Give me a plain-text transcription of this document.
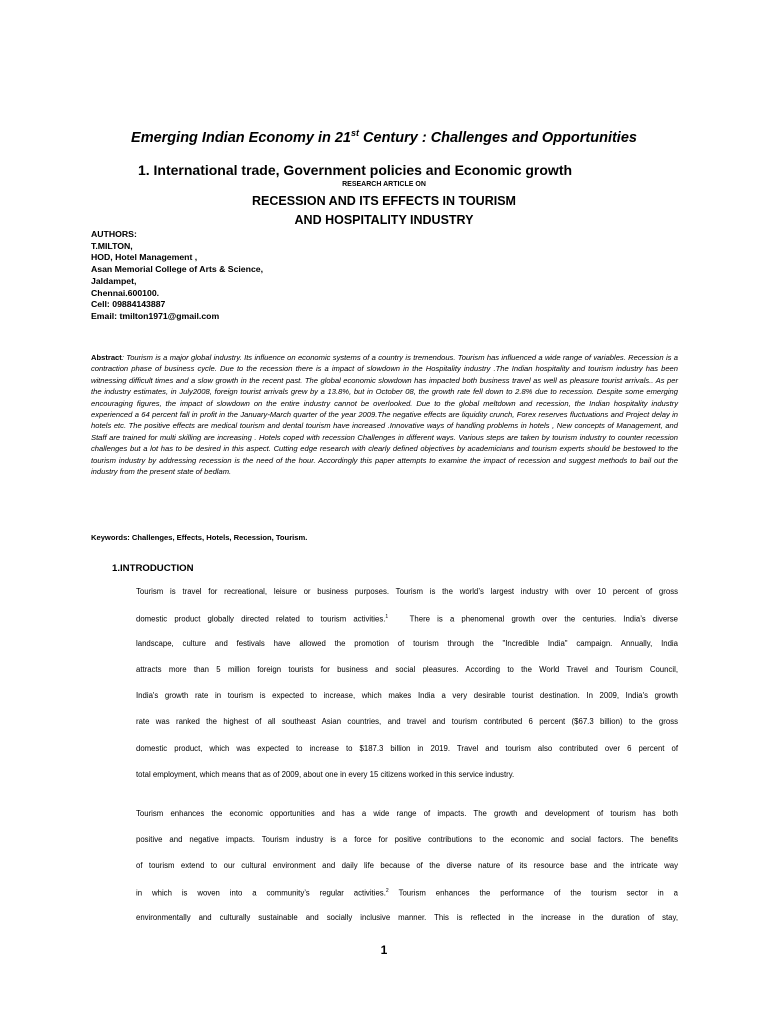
Emerging Indian Economy in 21st Century : Challenges and Opportunities
1. International trade, Government policies and Economic growth
RESEARCH ARTICLE ON
RECESSION AND ITS EFFECTS IN TOURISM
AND HOSPITALITY INDUSTRY
AUTHORS:
T.MILTON,
HOD, Hotel Management ,
Asan Memorial College of Arts & Science,
Jaldampet,
Chennai.600100.
Cell: 09884143887
Email: tmilton1971@gmail.com
Abstract: Tourism is a major global industry. Its influence on economic systems of a country is tremendous. Tourism has influenced a wide range of variables. Recession is a contraction phase of business cycle. Due to the recession there is a impact of slowdown in the Hospitality industry .The Indian hospitality and tourism industry has been witnessing difficult times and a slow growth in the recent past. The global economic slowdown has impacted both business travel as well as pleasure tourist arrivals.. As per the industry estimates, in July2008, foreign tourist arrivals grew by a 13.8%, but in October 08, the growth rate fell down to 2.8% due to recession. Despite some emerging encouraging figures, the impact of slowdown on the entire industry cannot be overlooked. Due to the global meltdown and recession, the Indian hospitality industry experienced a 64 percent fall in profit in the January-March quarter of the year 2009.The negative effects are liquidity crunch, Forex reserves fluctuations and Project delay in hotels etc. The positive effects are medical tourism and dental tourism have increased .Innovative ways of handling problems in hotels , New concepts of Management, and Staff are trained for multi skilling are increasing . Hotels coped with recession Challenges in different ways. Various steps are taken by tourism industry to counter recession challenges but a lot has to be desired in this aspect. Cutting edge research with clearly defined objectives by academicians and tourism experts should be bestowed to the tourism industry by addressing recession is the need of the hour. Accordingly this paper attempts to examine the impact of recession and suggest methods to bail out the industry from the present state of bedlam.
Keywords: Challenges, Effects, Hotels, Recession, Tourism.
1.INTRODUCTION
Tourism is travel for recreational, leisure or business purposes. Tourism is the world’s largest industry with over 10 percent of gross
domestic product globally directed related to tourism activities.$^1$	There is a phenomenal growth over the centuries. India’s diverse
landscape, culture and festivals have allowed the promotion of tourism through the "Incredible India" campaign. Annually, India
attracts more than 5 million foreign tourists for business and social pleasures. According to the World Travel and Tourism Council,
India's growth rate in tourism is expected to increase, which makes India a very desirable tourist destination. In 2009, India's growth
rate was ranked the highest of all southeast Asian countries, and travel and tourism contributed 6 percent ($67.3 billion) to the gross
domestic product, which was expected to increase to $187.3 billion in 2019. Travel and tourism also contributed over 6 percent of
total employment, which means that as of 2009, about one in every 15 citizens worked in this service industry.
Tourism enhances the economic opportunities and has a wide range of impacts. The growth and development of tourism has both
positive and negative impacts. Tourism industry is a force for positive contributions to the economic and social factors. The benefits
of tourism extend to our cultural environment and daily life because of the diverse nature of its resource base and the intricate way
in which is woven into a community’s regular activities.$^2$ Tourism enhances the performance of the tourism sector in a
environmentally and culturally sustainable and socially inclusive manner. This is reflected in the increase in the duration of stay,
1
